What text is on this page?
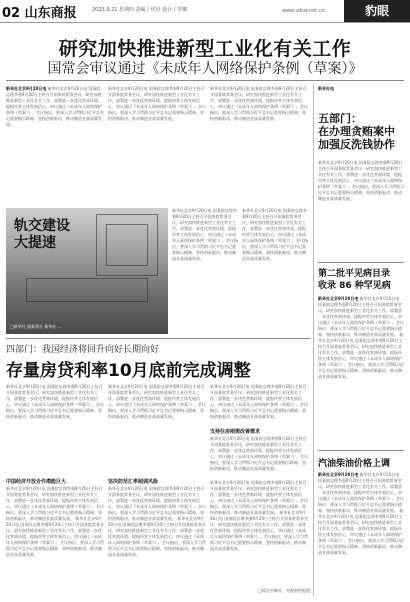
02 山东商报	2023.9.21 星期四 责编 / 侯冠 设计 / 李娜	www.sdsw.net.cn	豹眼
研究加快推进新型工业化有关工作
国常会审议通过《未成年人网络保护条例（草案）》
新华社北京9月20日电 新华社北京9月20日电 国务院总理李强9月20日主持召开国务院常务会议，研究加快推进新型工业化有关工作，部署进一步优化营商环境，提振经营主体发展信心，审议通过《未成年人网络保护条例（草案）》。会议指出，要深入学习贯彻习近平总书记重要指示精神，坚持创新驱动，推动制造业高质量发展。
新华社北京9月20日电 国务院总理李强9月20日主持召开国务院常务会议，研究加快推进新型工业化有关工作，部署进一步优化营商环境，提振经营主体发展信心，审议通过《未成年人网络保护条例（草案）》。会议指出，要深入学习贯彻习近平总书记重要指示精神，坚持创新驱动，推动制造业高质量发展。
新华社北京9月20日电 国务院总理李强9月20日主持召开国务院常务会议，研究加快推进新型工业化有关工作，部署进一步优化营商环境，提振经营主体发展信心，审议通过《未成年人网络保护条例（草案）》。会议指出，要深入学习贯彻习近平总书记重要指示精神，坚持创新驱动，推动制造业高质量发展。
新华社电
五部门：
在办理贪贿案中
加强反洗钱协作
新华社北京9月20日电 国务院总理李强9月20日主持召开国务院常务会议，研究加快推进新型工业化有关工作，部署进一步优化营商环境，提振经营主体发展信心，审议通过《未成年人网络保护条例（草案）》。会议指出，要深入学习贯彻习近平总书记重要指示精神，坚持创新驱动，推动制造业高质量发展。
轨交建设
大提速
□新华社 据新华社 新华社 ...
新华社北京9月20日电 国务院总理李强9月20日主持召开国务院常务会议，研究加快推进新型工业化有关工作，部署进一步优化营商环境，提振经营主体发展信心，审议通过《未成年人网络保护条例（草案）》。会议指出，要深入学习贯彻习近平总书记重要指示精神，坚持创新驱动，推动制造业高质量发展。
新华社北京9月20日电 国务院总理李强9月20日主持召开国务院常务会议，研究加快推进新型工业化有关工作，部署进一步优化营商环境，提振经营主体发展信心，审议通过《未成年人网络保护条例（草案）》。会议指出，要深入学习贯彻习近平总书记重要指示精神，坚持创新驱动，推动制造业高质量发展。
第二批平见病目录
收录 86 种罕见病
新华社北京9月20日电 新华社北京9月20日电 国务院总理李强9月20日主持召开国务院常务会议，研究加快推进新型工业化有关工作，部署进一步优化营商环境，提振经营主体发展信心，审议通过《未成年人网络保护条例（草案）》。会议指出，要深入学习贯彻习近平总书记重要指示精神，坚持创新驱动，推动制造业高质量发展。 新华社北京9月20日电 国务院总理李强9月20日主持召开国务院常务会议，研究加快推进新型工业化有关工作，部署进一步优化营商环境，提振经营主体发展信心，审议通过《未成年人网络保护条例（草案）》。会议指出，要深入学习贯彻习近平总书记重要指示精神，坚持创新驱动，推动制造业高质量发展。
四部门：我国经济将回升向好长期向好
存量房贷利率10月底前完成调整
新华社北京9月20日电 国务院总理李强9月20日主持召开国务院常务会议，研究加快推进新型工业化有关工作，部署进一步优化营商环境，提振经营主体发展信心，审议通过《未成年人网络保护条例（草案）》。会议指出，要深入学习贯彻习近平总书记重要指示精神，坚持创新驱动，推动制造业高质量发展。
新华社北京9月20日电 国务院总理李强9月20日主持召开国务院常务会议，研究加快推进新型工业化有关工作，部署进一步优化营商环境，提振经营主体发展信心，审议通过《未成年人网络保护条例（草案）》。会议指出，要深入学习贯彻习近平总书记重要指示精神，坚持创新驱动，推动制造业高质量发展。
新华社北京9月20日电 国务院总理李强9月20日主持召开国务院常务会议，研究加快推进新型工业化有关工作，部署进一步优化营商环境，提振经营主体发展信心，审议通过《未成年人网络保护条例（草案）》。会议指出，要深入学习贯彻习近平总书记重要指示精神，坚持创新驱动，推动制造业高质量发展。
支持住房刚需改善需求
新华社北京9月20日电 国务院总理李强9月20日主持召开国务院常务会议，研究加快推进新型工业化有关工作，部署进一步优化营商环境，提振经营主体发展信心，审议通过《未成年人网络保护条例（草案）》。会议指出，要深入学习贯彻习近平总书记重要指示精神，坚持创新驱动，推动制造业高质量发展。
中国经济开放合作潜能巨大
新华社北京9月20日电 国务院总理李强9月20日主持召开国务院常务会议，研究加快推进新型工业化有关工作，部署进一步优化营商环境，提振经营主体发展信心，审议通过《未成年人网络保护条例（草案）》。会议指出，要深入学习贯彻习近平总书记重要指示精神，坚持创新驱动，推动制造业高质量发展。 新华社北京9月20日电 国务院总理李强9月20日主持召开国务院常务会议，研究加快推进新型工业化有关工作，部署进一步优化营商环境，提振经营主体发展信心，审议通过《未成年人网络保护条例（草案）》。会议指出，要深入学习贯彻习近平总书记重要指示精神，坚持创新驱动，推动制造业高质量发展。
坚决防范汇率超调风险
新华社北京9月20日电 国务院总理李强9月20日主持召开国务院常务会议，研究加快推进新型工业化有关工作，部署进一步优化营商环境，提振经营主体发展信心，审议通过《未成年人网络保护条例（草案）》。会议指出，要深入学习贯彻习近平总书记重要指示精神，坚持创新驱动，推动制造业高质量发展。 新华社北京9月20日电 国务院总理李强9月20日主持召开国务院常务会议，研究加快推进新型工业化有关工作，部署进一步优化营商环境，提振经营主体发展信心，审议通过《未成年人网络保护条例（草案）》。会议指出，要深入学习贯彻习近平总书记重要指示精神，坚持创新驱动，推动制造业高质量发展。
新华社北京9月20日电 国务院总理李强9月20日主持召开国务院常务会议，研究加快推进新型工业化有关工作，部署进一步优化营商环境，提振经营主体发展信心，审议通过《未成年人网络保护条例（草案）》。会议指出，要深入学习贯彻习近平总书记重要指示精神，坚持创新驱动，推动制造业高质量发展。 新华社北京9月20日电 国务院总理李强9月20日主持召开国务院常务会议，研究加快推进新型工业化有关工作，部署进一步优化营商环境，提振经营主体发展信心，审议通过《未成年人网络保护条例（草案）》。会议指出，要深入学习贯彻习近平总书记重要指示精神，坚持创新驱动，推动制造业高质量发展。
□综合中新社、央视财经报道
汽油柴油价格上调
新华社北京9月20日电 新华社北京9月20日电 国务院总理李强9月20日主持召开国务院常务会议，研究加快推进新型工业化有关工作，部署进一步优化营商环境，提振经营主体发展信心，审议通过《未成年人网络保护条例（草案）》。会议指出，要深入学习贯彻习近平总书记重要指示精神，坚持创新驱动，推动制造业高质量发展。 新华社北京9月20日电 国务院总理李强9月20日主持召开国务院常务会议，研究加快推进新型工业化有关工作，部署进一步优化营商环境，提振经营主体发展信心，审议通过《未成年人网络保护条例（草案）》。会议指出，要深入学习贯彻习近平总书记重要指示精神，坚持创新驱动，推动制造业高质量发展。
